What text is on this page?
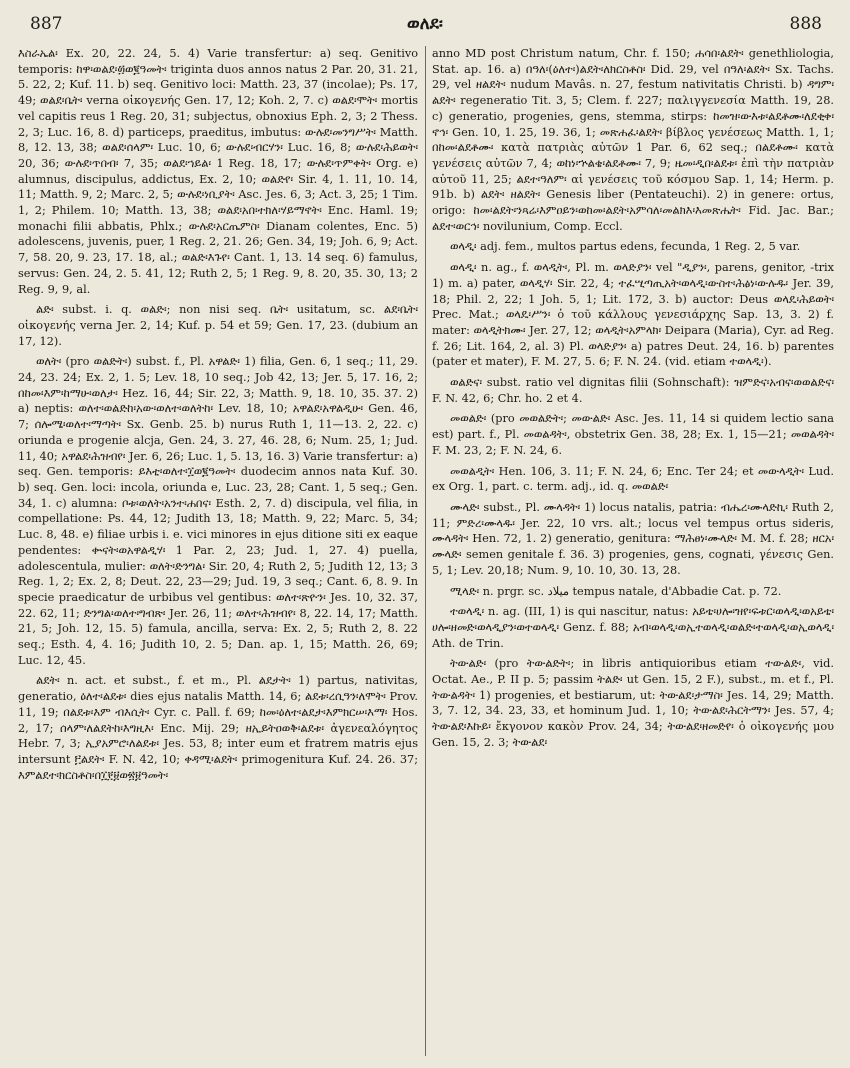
887	ወለደ፡	888

እስራኤል፡ Ex. 20, 22. 24, 5. 4) Varie transfertur: a) seq. Genitivo temporis: ከዋ፡ወልደ፡፴ወ፪ዓመት፡ triginta duos annos natus 2 Par. 20, 31. 21, 5. 22, 2; Kuf. 11. b) seq. Genitivo loci: Matth. 23, 37 (incolae); Ps. 17, 49; ወልደ፡ቤት፡ verna οἰκογενής Gen. 17, 12; Koh. 2, 7. c) ወልደ፡ሞት፡ mortis vel capitis reus 1 Reg. 20, 31; subjectus, obnoxius Eph. 2, 3; 2 Thess. 2, 3; Luc. 16, 8. d) particeps, praeditus, imbutus: ውሉደ፡መንግሥት፡ Matth. 8, 12. 13, 38; ወልደ፡ሰላም፡ Luc. 10, 6; ውሉደ፡ብርሃን፡ Luc. 16, 8; ውሉደ፡ሕይወት፡ 20, 36; ውሉደ፡ጥበብ፡ 7, 35; ወልደ፡ኀይል፡ 1 Reg. 18, 17; ውሉደ፡ጥምቀት፡ Org. e) alumnus, discipulus, addictus, Ex. 2, 10; ወልድየ፡ Sir. 4, 1. 11, 10. 14, 11; Matth. 9, 2; Marc. 2, 5; ውሉደ፡ነቢያት፡ Asc. Jes. 6, 3; Act. 3, 25; 1 Tim. 1, 2; Philem. 10; Matth. 13, 38; ወልደ፡አበ፡ተክለ፡ሃይማኖት፡ Enc. Haml. 19; monachi filii abbatis, Phlx.; ውሉደ፡አርጤምስ፡ Dianam colentes, Enc. 5) adolescens, juvenis, puer, 1 Reg. 2, 21. 26; Gen. 34, 19; Joh. 6, 9; Act. 7, 58. 20, 9. 23, 17. 18, al.; ወልድ፡እጉየ፡ Cant. 1, 13. 14 seq. 6) famulus, servus: Gen. 24, 2. 5. 41, 12; Ruth 2, 5; 1 Reg. 9, 8. 20, 35. 30, 13; 2 Reg. 9, 9, al.

ልድ፡ subst. i. q. ወልድ፡; non nisi seq. ቤት፡ usitatum, sc. ልደ፡ቤት፡ οἰκογενής verna Jer. 2, 14; Kuf. p. 54 et 59; Gen. 17, 23. (dubium an 17, 12).

ወለት፡ (pro ወልድት፡) subst. f., Pl. አዋልድ፡ 1) filia, Gen. 6, 1 seq.; 11, 29. 24, 23. 24; Ex. 2, 1. 5; Lev. 18, 10 seq.; Job 42, 13; Jer. 5, 17. 16, 2; በከመ፡እም፡ከማሁ፡ወለታ፡ Hez. 16, 44; Sir. 22, 3; Matth. 9, 18. 10, 35. 37. 2) a) neptis: ወለተ፡ወልድከ፡አው፡ወለተ፡ወለትከ፡ Lev. 18, 10; አዋልደ፡አዋልዲሁ፡ Gen. 46, 7; ሰሎሜ፡ወለተ፡ማጣት፡ Sx. Genb. 25. b) nurus Ruth 1, 11—13. 2, 22. c) oriunda e progenie alcja, Gen. 24, 3. 27, 46. 28, 6; Num. 25, 1; Jud. 11, 40; አዋልደ፡ሕዝብየ፡ Jer. 6, 26; Luc. 1, 5. 13, 16. 3) Varie transfertur: a) seq. Gen. temporis: ይእቲ፡ወለተ፡፲ወ፪ዓመት፡ duodecim annos nata Kuf. 30. b) seq. Gen. loci: incola, oriunda e, Luc. 23, 28; Cant. 1, 5 seq.; Gen. 34, 1. c) alumna: ቦቱ፡ወለት፡አንተ፡ሐበና፡ Esth. 2, 7. d) discipula, vel filia, in compellatione: Ps. 44, 12; Judith 13, 18; Matth. 9, 22; Marc. 5, 34; Luc. 8, 48. e) filiae urbis i. e. vici minores in ejus ditione siti ex eaque pendentes: ቍናት፡ወአዋልዲሃ፡ 1 Par. 2, 23; Jud. 1, 27. 4) puella, adolescentula, mulier: ወለት፡ድንግል፡ Sir. 20, 4; Ruth 2, 5; Judith 12, 13; 3 Reg. 1, 2; Ex. 2, 8; Deut. 22, 23—29; Jud. 19, 3 seq.; Cant. 6, 8. 9. In specie praedicatur de urbibus vel gentibus: ወለተ፡ጽዮን፡ Jes. 10, 32. 37, 22. 62, 11; ድንግል፡ወለተ፡ግብጽ፡ Jer. 26, 11; ወለተ፡ሕዝብየ፡ 8, 22. 14, 17; Matth. 21, 5; Joh. 12, 15. 5) famula, ancilla, serva: Ex. 2, 5; Ruth 2, 8. 22 seq.; Esth. 4, 4. 16; Judith 10, 2. 5; Dan. ap. 1, 15; Matth. 26, 69; Luc. 12, 45.

ልደት፡ n. act. et subst., f. et m., Pl. ልደታት፡ 1) partus, nativitas, generatio, ዕለተ፡ልደቱ፡ dies ejus natalis Matth. 14, 6; ልደቱ፡ረሲዓን፡ለሞት፡ Prov. 11, 19; በልደቱ፡እም ብእሲት፡ Cyr. c. Pall. f. 69; ከመ፡ዕለተ፡ልደታ፡እምክርሠ፡እማ፡ Hos. 2, 17; ሰላም፡ለልደትከ፡እግዚእ፡ Enc. Mij. 29; ዘኢይትዐወቅ፡ልደቱ፡ ἀγενεαλόγητος Hebr. 7, 3; ኢያአምሮ፡ለልደቱ፡ Jes. 53, 8; inter eum et fratrem matris ejus intersunt ፫ልደት፡ F. N. 42, 10; ቀዳሚ፡ልደት፡ primogenitura Kuf. 24. 26. 37; እምልደተ፡ክርስቶስ፡በ፲፻፱ወ፳፱ዓመት፡

anno MD post Christum natum, Chr. f. 150; ሐሳበ፡ልደት፡ genethliologia, Stat. ap. 16. a) በዓለ፡(ዕለተ፡)ልደት፡ለክርስቶስ፡ Did. 29, vel በዓለ፡ልደት፡ Sx. Tachs. 29, vel ዘልደት፡ nudum Mavâs. n. 27, festum nativitatis Christi. b) ዳግም፡ልደት፡ regeneratio Tit. 3, 5; Clem. f. 227; παλιγγενεσία Matth. 19, 28. c) generatio, progenies, gens, stemma, stirps: ከመዝ፡ውእቱ፡ልደቶሙ፡ለደቂቀ፡ኖኅ፡ Gen. 10, 1. 25, 19. 36, 1; መጽሐፈ፡ልደት፡ βίβλος γενέσεως Matth. 1, 1; በከመ፡ልደቶሙ፡ κατὰ πατριὰς αὐτῶν 1 Par. 6, 62 seq.; በልደቶሙ፡ κατὰ γενέσεις αὐτῶν 7, 4; ወከነ፡ኍልቄ፡ልደቶሙ፡ 7, 9; ዜመ፡ዲበ፡ልደቱ፡ ἐπὶ τὴν πατριὰν αὐτοῦ 11, 25; ልደተ፡ዓለም፡ αἱ γενέσεις τοῦ κόσμου Sap. 1, 14; Herm. p. 91b. b) ልደት፡ ዘልደት፡ Genesis liber (Pentateuchi). 2) in genere: ortus, origo: ከመ፡ልደት፡ንጻሬ፡እምዐይን፡ወከመ፡ልደት፡አምሳለ፡መልክእ፡እመጽሔት፡ Fid. Jac. Bar.; ልደተ፡ወርኅ፡ novilunium, Comp. Eccl.

ወላዲ፡ adj. fem., multos partus edens, fecunda, 1 Reg. 2, 5 var.

ወላዲ፡ n. ag., f. ወላዲት፡, Pl. m. ወላድያን፡ vel "ዲያን፡, parens, genitor, -trix 1) m. a) pater, ወላዲሃ፡ Sir. 22, 4; ተፈሢጣጢአት፡ወላዲ፡ውስተ፡ሕፅነ፡ውሉዱ፡ Jer. 39, 18; Phil. 2, 22; 1 Joh. 5, 1; Lit. 172, 3. b) auctor: Deus ወላዴ፡ሕይወት፡ Prec. Mat.; ወላዴ፡ሥን፡ ὁ τοῦ κάλλους γενεσιάρχης Sap. 13, 3. 2) f. mater: ወላዲትክሙ፡ Jer. 27, 12; ወላዲት፡አምላክ፡ Deipara (Maria), Cyr. ad Reg. f. 26; Lit. 164, 2, al. 3) Pl. ወላድያን፡ a) patres Deut. 24, 16. b) parentes (pater et mater), F. M. 27, 5. 6; F. N. 24. (vid. etiam ተወላዲ፡).

ወልድና፡ subst. ratio vel dignitas filii (Sohnschaft): ዝምድና፡አብና፡ወወልድና፡ F. N. 42, 6; Chr. ho. 2 et 4.

መወልድ፡ (pro መወልድት፡; መውልድ፡ Asc. Jes. 11, 14 si quidem lectio sana est) part. f., Pl. መወልዳት፡, obstetrix Gen. 38, 28; Ex. 1, 15—21; መወልዳት፡ F. M. 23, 2; F. N. 24, 6.

መወልዲት፡ Hen. 106, 3. 11; F. N. 24, 6; Enc. Ter 24; et መውላዲት፡ Lud. ex Org. 1, part. c. term. adj., id. q. መወልድ፡

ሙላድ፡ subst., Pl. ሙላዳት፡ 1) locus natalis, patria: ብሔረ፡ሙላድኪ፡ Ruth 2, 11; ምድረ፡ሙላዱ፡ Jer. 22, 10 vrs. alt.; locus vel tempus ortus sideris, ሙላዳት፡ Hen. 72, 1. 2) generatio, genitura: ማሕፀነ፡ሙላድ፡ M. M. f. 28; ዘርአ፡ሙላድ፡ semen genitale f. 36. 3) progenies, gens, cognati, γένεσις Gen. 5, 1; Lev. 20,18; Num. 9, 10. 10, 30. 13, 28.

ሚላድ፡ n. prgr. sc. ميلاد tempus natale, d'Abbadie Cat. p. 72.

ተወላዲ፡ n. ag. (III, 1) is qui nascitur, natus: አይቴ፡ሀሎ፡ዝየ፡ፍቱር፡ወላዲ፡ወአይቴ፡ሀሎ፡ዘመድ፡ወላዲያን፡ወተወላዲ፡ Genz. f. 88; አብ፡ወላዲ፡ወኢተወላዲ፡ወልድ፡ተወላዲ፡ወኢወላዲ፡ Ath. de Trin.

ትውልድ፡ (pro ትውልድት፡; in libris antiquioribus etiam ተውልድ፡, vid. Octat. Ae., P. II p. 5; passim ትልድ፡ ut Gen. 15, 2 F.), subst., m. et f., Pl. ትውልዳት፡ 1) progenies, et bestiarum, ut: ትውልደ፡ታማስ፡ Jes. 14, 29; Matth. 3, 7. 12, 34. 23, 33, et hominum Jud. 1, 10; ትውልደ፡ሕርትማን፡ Jes. 57, 4; ትውልደ፡እኩይ፡ ἔκγονον κακὸν Prov. 24, 34; ትውልደ፡ዘመድየ፡ ὁ οἰκογενής μου Gen. 15, 2. 3; ትውልደ፡
